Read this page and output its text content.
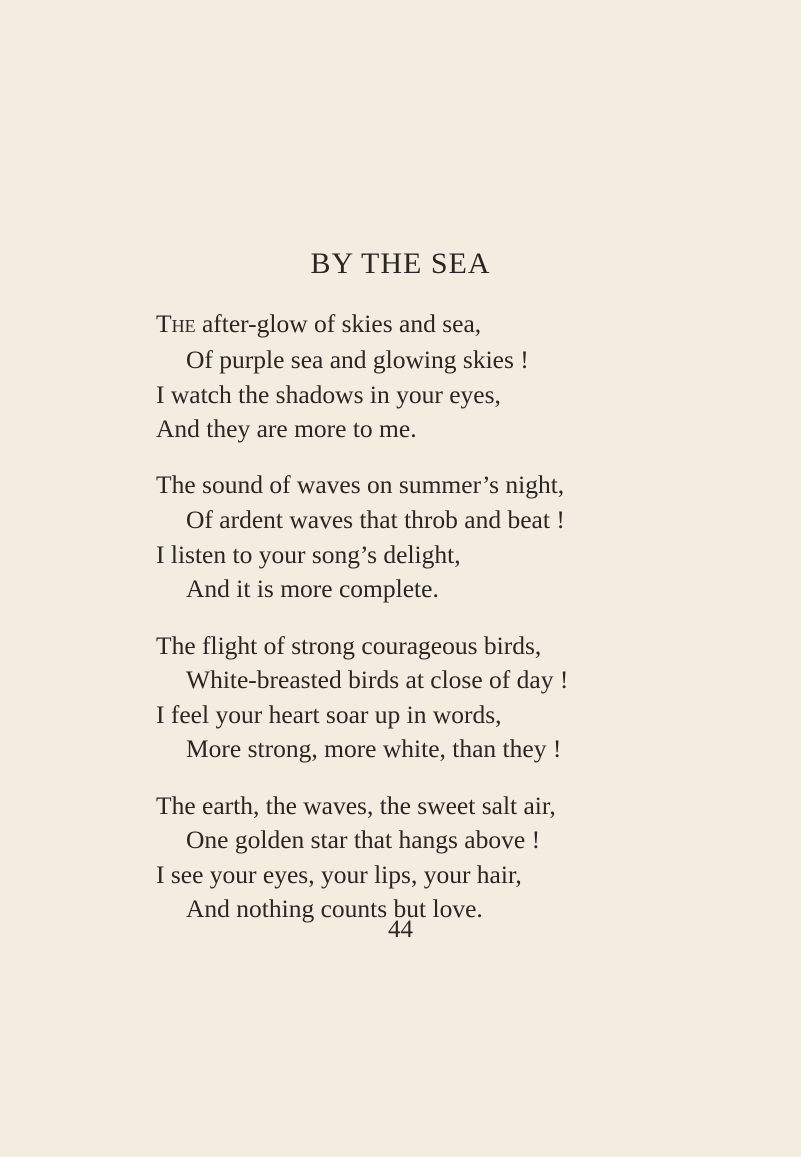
BY THE SEA
The after-glow of skies and sea,
Of purple sea and glowing skies !
I watch the shadows in your eyes,
And they are more to me.
The sound of waves on summer’s night,
Of ardent waves that throb and beat !
I listen to your song’s delight,
And it is more complete.
The flight of strong courageous birds,
White-breasted birds at close of day !
I feel your heart soar up in words,
More strong, more white, than they !
The earth, the waves, the sweet salt air,
One golden star that hangs above !
I see your eyes, your lips, your hair,
And nothing counts but love.
44
